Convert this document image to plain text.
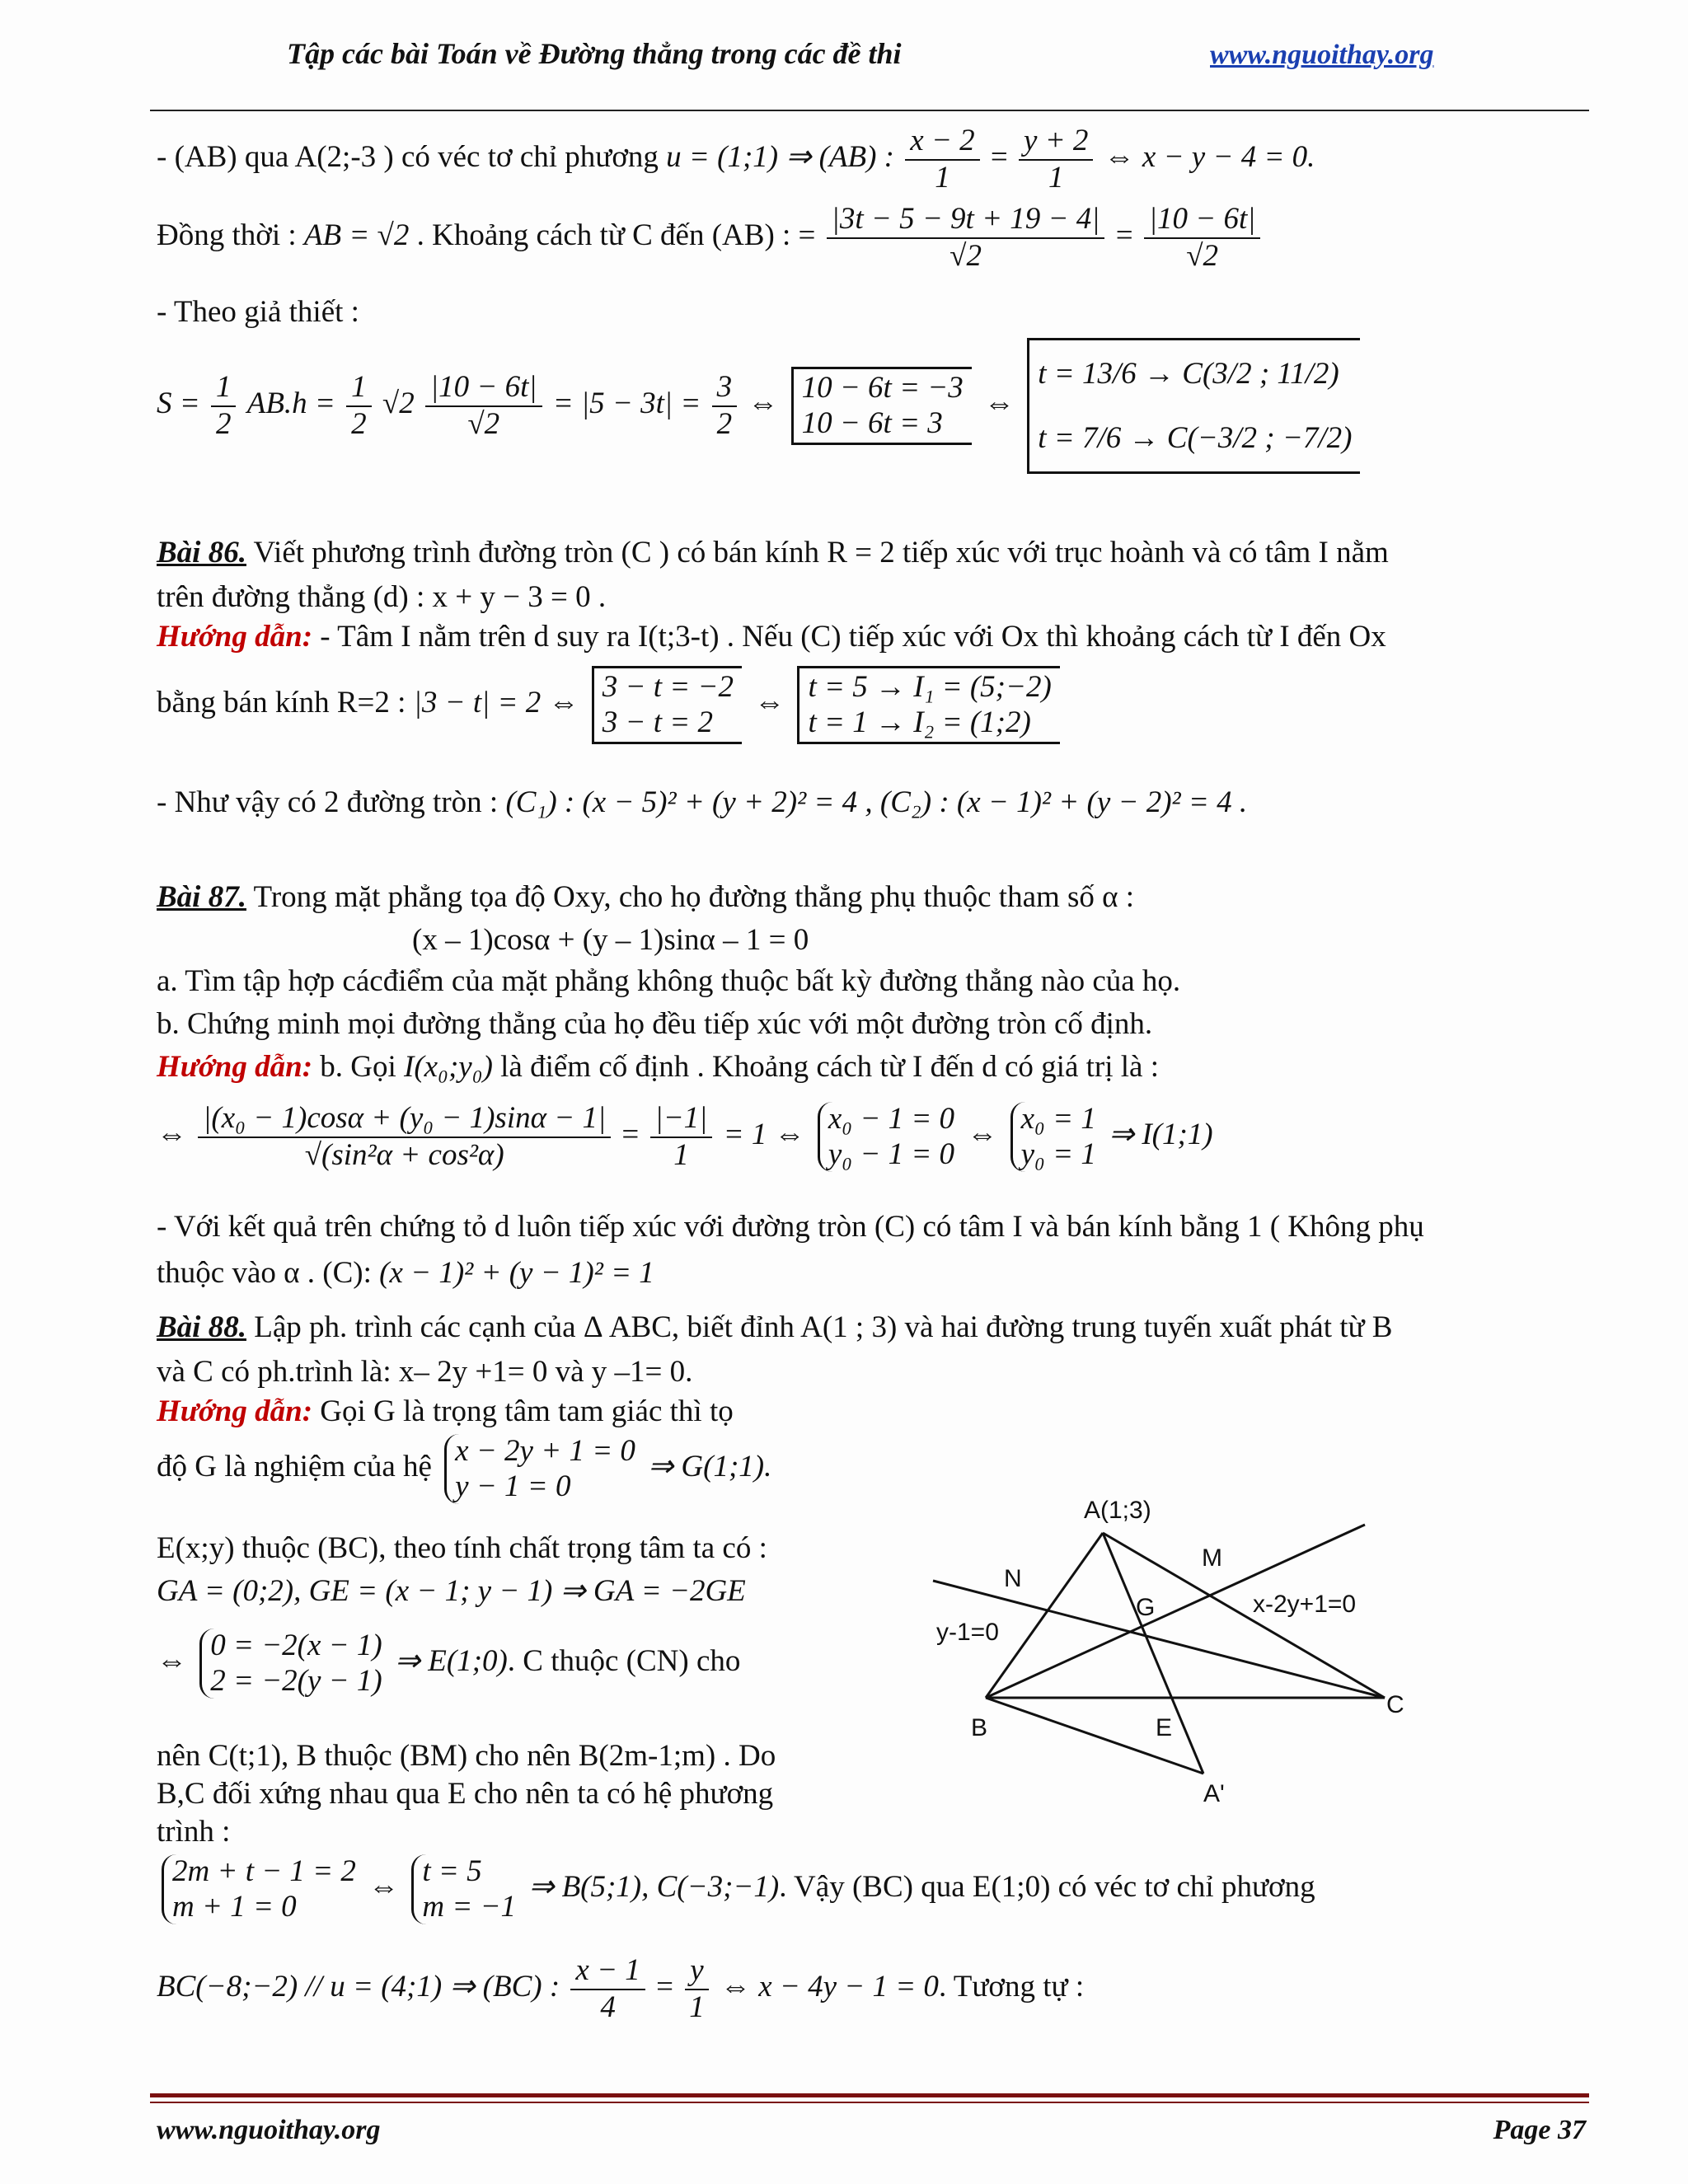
Tập các bài Toán về Đường thẳng trong các đề thi	www.nguoithay.org
- (AB) qua A(2;-3 ) có véc tơ chỉ phương u = (1;1) ⇒ (AB) : $\frac{x - 2}{1} = \frac{y + 2}{1}$ ⇔ x − y − 4 = 0.
Đồng thời : AB = √2 . Khoảng cách từ C đến (AB) : = $\frac{|3t - 5 - 9t + 19 - 4|}{√2} = \frac{|10 - 6t|}{√2}$
- Theo giả thiết :
$S = \frac{1}{2} AB.h = \frac{1}{2} √2 \frac{|10 - 6t|}{√2} = |5 - 3t| = \frac{3}{2}$ ⇔ 10 − 6t = −3
10 − 6t = 3
⇔
t = 13/6 → C(3/2 ; 11/2)
t = 7/6 → C(−3/2 ; −7/2)
Bài 86. Viết phương trình đường tròn (C ) có bán kính R = 2 tiếp xúc với trục hoành và có tâm I nằm
trên đường thẳng (d) : x + y − 3 = 0 .
Hướng dẫn: - Tâm I nằm trên d suy ra I(t;3-t) . Nếu (C) tiếp xúc với Ox thì khoảng cách từ I đến Ox
bằng bán kính R=2 : |3 − t| = 2 ⇔ 3 − t = −2
3 − t = 2
⇔ t = 5 → I₁ = (5;−2)
t = 1 → I₂ = (1;2)
- Như vậy có 2 đường tròn : (C₁) : (x − 5)² + (y + 2)² = 4 , (C₂) : (x − 1)² + (y − 2)² = 4 .
Bài 87. Trong mặt phẳng tọa độ Oxy, cho họ đường thẳng phụ thuộc tham số α :
(x – 1)cosα + (y – 1)sinα – 1 = 0
a. Tìm tập hợp cácđiểm của mặt phẳng không thuộc bất kỳ đường thẳng nào của họ.
b. Chứng minh mọi đường thẳng của họ đều tiếp xúc với một đường tròn cố định.
Hướng dẫn: b. Gọi I(x₀;y₀) là điểm cố định . Khoảng cách từ I đến d có giá trị là :
⇔ $\frac{\text{|(x₀ − 1)cosα + (y₀ − 1)sinα − 1|}}{\text{√(sin²α + cos²α)}} = \frac{|-1|}{1} = 1$ ⇔ x₀ − 1 = 0
y₀ − 1 = 0
⇔ x₀ = 1
y₀ = 1
⇒ I(1;1)
- Với kết quả trên chứng tỏ d luôn tiếp xúc với đường tròn (C) có tâm I và bán kính bằng 1 ( Không phụ
thuộc vào α . (C): (x − 1)² + (y − 1)² = 1
Bài 88. Lập ph. trình các cạnh của Δ ABC, biết đỉnh A(1 ; 3) và hai đường trung tuyến xuất phát từ B
và C có ph.trình là: x– 2y +1= 0 và y –1= 0.
Hướng dẫn: Gọi G là trọng tâm tam giác thì tọ
độ G là nghiệm của hệ x − 2y + 1 = 0
y − 1 = 0
⇒ G(1;1).
E(x;y) thuộc (BC), theo tính chất trọng tâm ta có :
GA = (0;2), GE = (x − 1; y − 1) ⇒ GA = −2GE
⇔ 0 = −2(x − 1)
2 = −2(y − 1)
⇒ E(1;0). C thuộc (CN) cho
nên C(t;1), B thuộc (BM) cho nên B(2m-1;m) . Do
B,C đối xứng nhau qua E cho nên ta có hệ phương
trình :
2m + t − 1 = 2
m + 1 = 0
⇔ t = 5
m = −1
⇒ B(5;1), C(−3;−1). Vậy (BC) qua E(1;0) có véc tơ chỉ phương
BC(−8;−2) // u = (4;1) ⇒ (BC) : $\frac{x - 1}{4} = \frac{y}{1}$ ⇔ x − 4y − 1 = 0. Tương tự :
A(1;3)
M
N
G	x-2y+1=0
y-1=0
C
B	E
A'
www.nguoithay.org	Page 37
